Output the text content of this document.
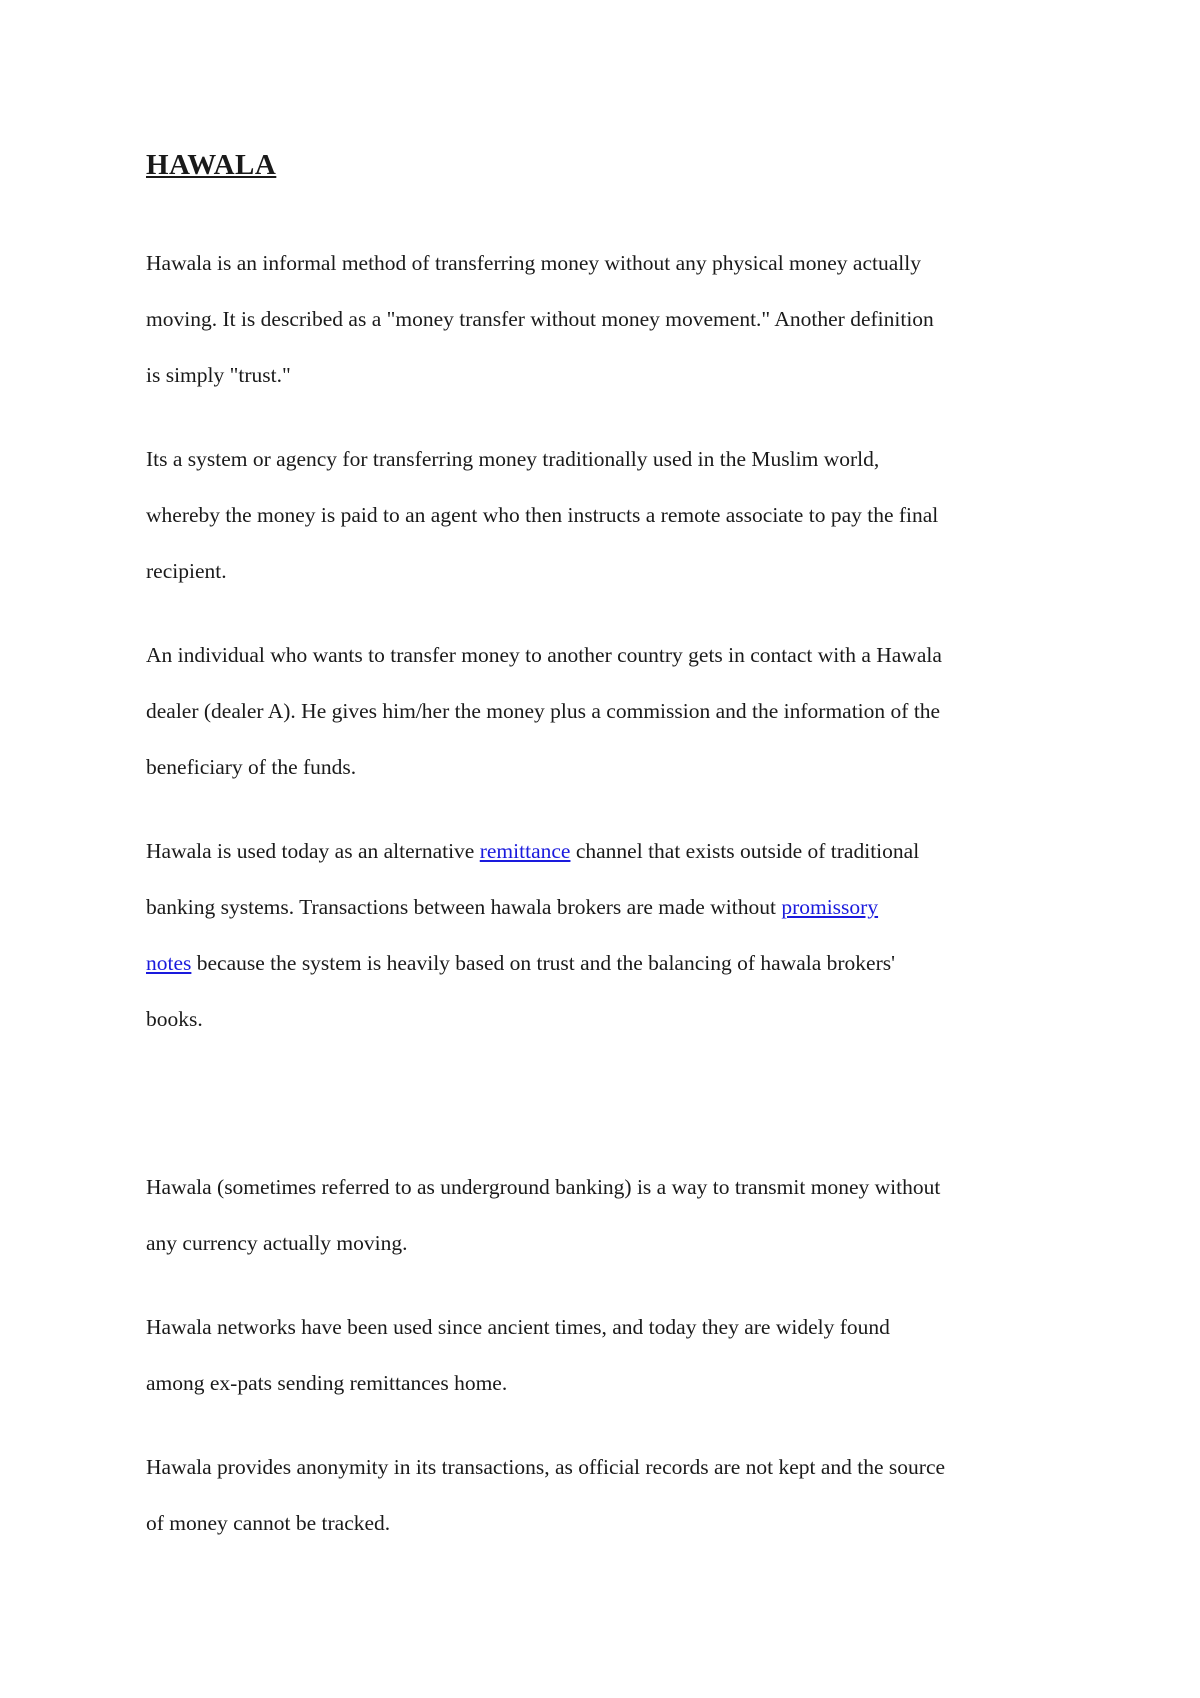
HAWALA

Hawala is an informal method of transferring money without any physical money actually
moving. It is described as a "money transfer without money movement." Another definition
is simply "trust."

Its a system or agency for transferring money traditionally used in the Muslim world,
whereby the money is paid to an agent who then instructs a remote associate to pay the final
recipient.

An individual who wants to transfer money to another country gets in contact with a Hawala
dealer (dealer A). He gives him/her the money plus a commission and the information of the
beneficiary of the funds.

Hawala is used today as an alternative remittance channel that exists outside of traditional
banking systems. Transactions between hawala brokers are made without promissory
notes because the system is heavily based on trust and the balancing of hawala brokers'
books.

Hawala (sometimes referred to as underground banking) is a way to transmit money without
any currency actually moving.

Hawala networks have been used since ancient times, and today they are widely found
among ex-pats sending remittances home.

Hawala provides anonymity in its transactions, as official records are not kept and the source
of money cannot be tracked.
